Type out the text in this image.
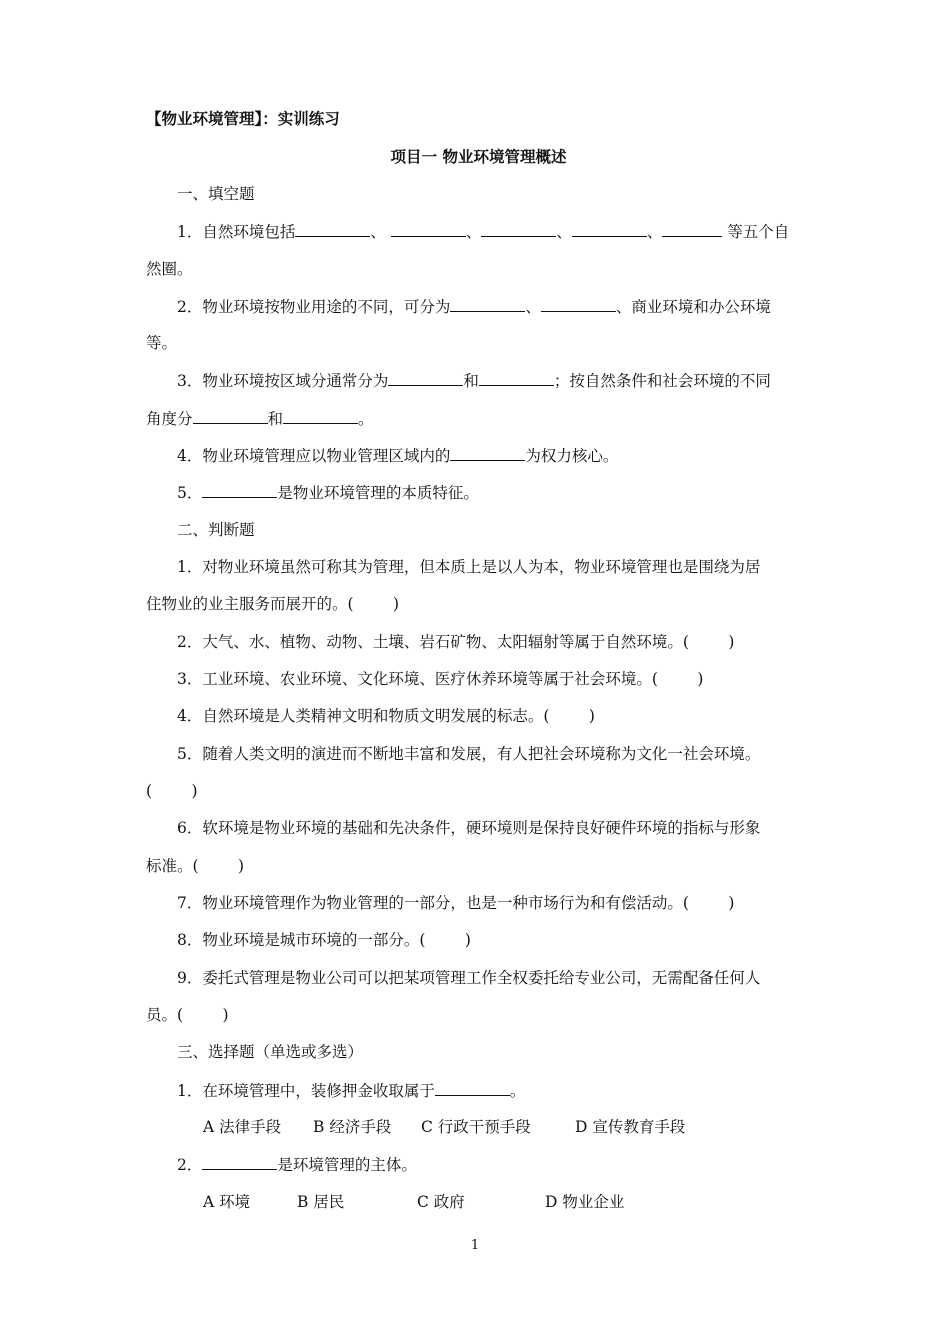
【物业环境管理】：实训练习
项目一 物业环境管理概述
一、填空题
1．自然环境包括	、	、	、	、	等五个自
然圈。
2．物业环境按物业用途的不同，可分为	、	、商业环境和办公环境
等。
3．物业环境按区域分通常分为	和	；按自然条件和社会环境的不同
角度分	和	。
4．物业环境管理应以物业管理区域内的	为权力核心。
5．	是物业环境管理的本质特征。
二、判断题
1．对物业环境虽然可称其为管理，但本质上是以人为本，物业环境管理也是围绕为居
住物业的业主服务而展开的。(	)
2．大气、水、植物、动物、土壤、岩石矿物、太阳辐射等属于自然环境。(	)
3．工业环境、农业环境、文化环境、医疗休养环境等属于社会环境。(	)
4．自然环境是人类精神文明和物质文明发展的标志。(	)
5．随着人类文明的演进而不断地丰富和发展，有人把社会环境称为文化一社会环境。
(	)
6．软环境是物业环境的基础和先决条件，硬环境则是保持良好硬件环境的指标与形象
标准。(	)
7．物业环境管理作为物业管理的一部分，也是一种市场行为和有偿活动。(	)
8．物业环境是城市环境的一部分。(	)
9．委托式管理是物业公司可以把某项管理工作全权委托给专业公司，无需配备任何人
员。(	)
三、选择题（单选或多选）
1．在环境管理中，装修押金收取属于	。
A 法律手段 B 经济手段 C 行政干预手段	D 宣传教育手段
2．	是环境管理的主体。
A 环境	B 居民	C 政府	D 物业企业
1
